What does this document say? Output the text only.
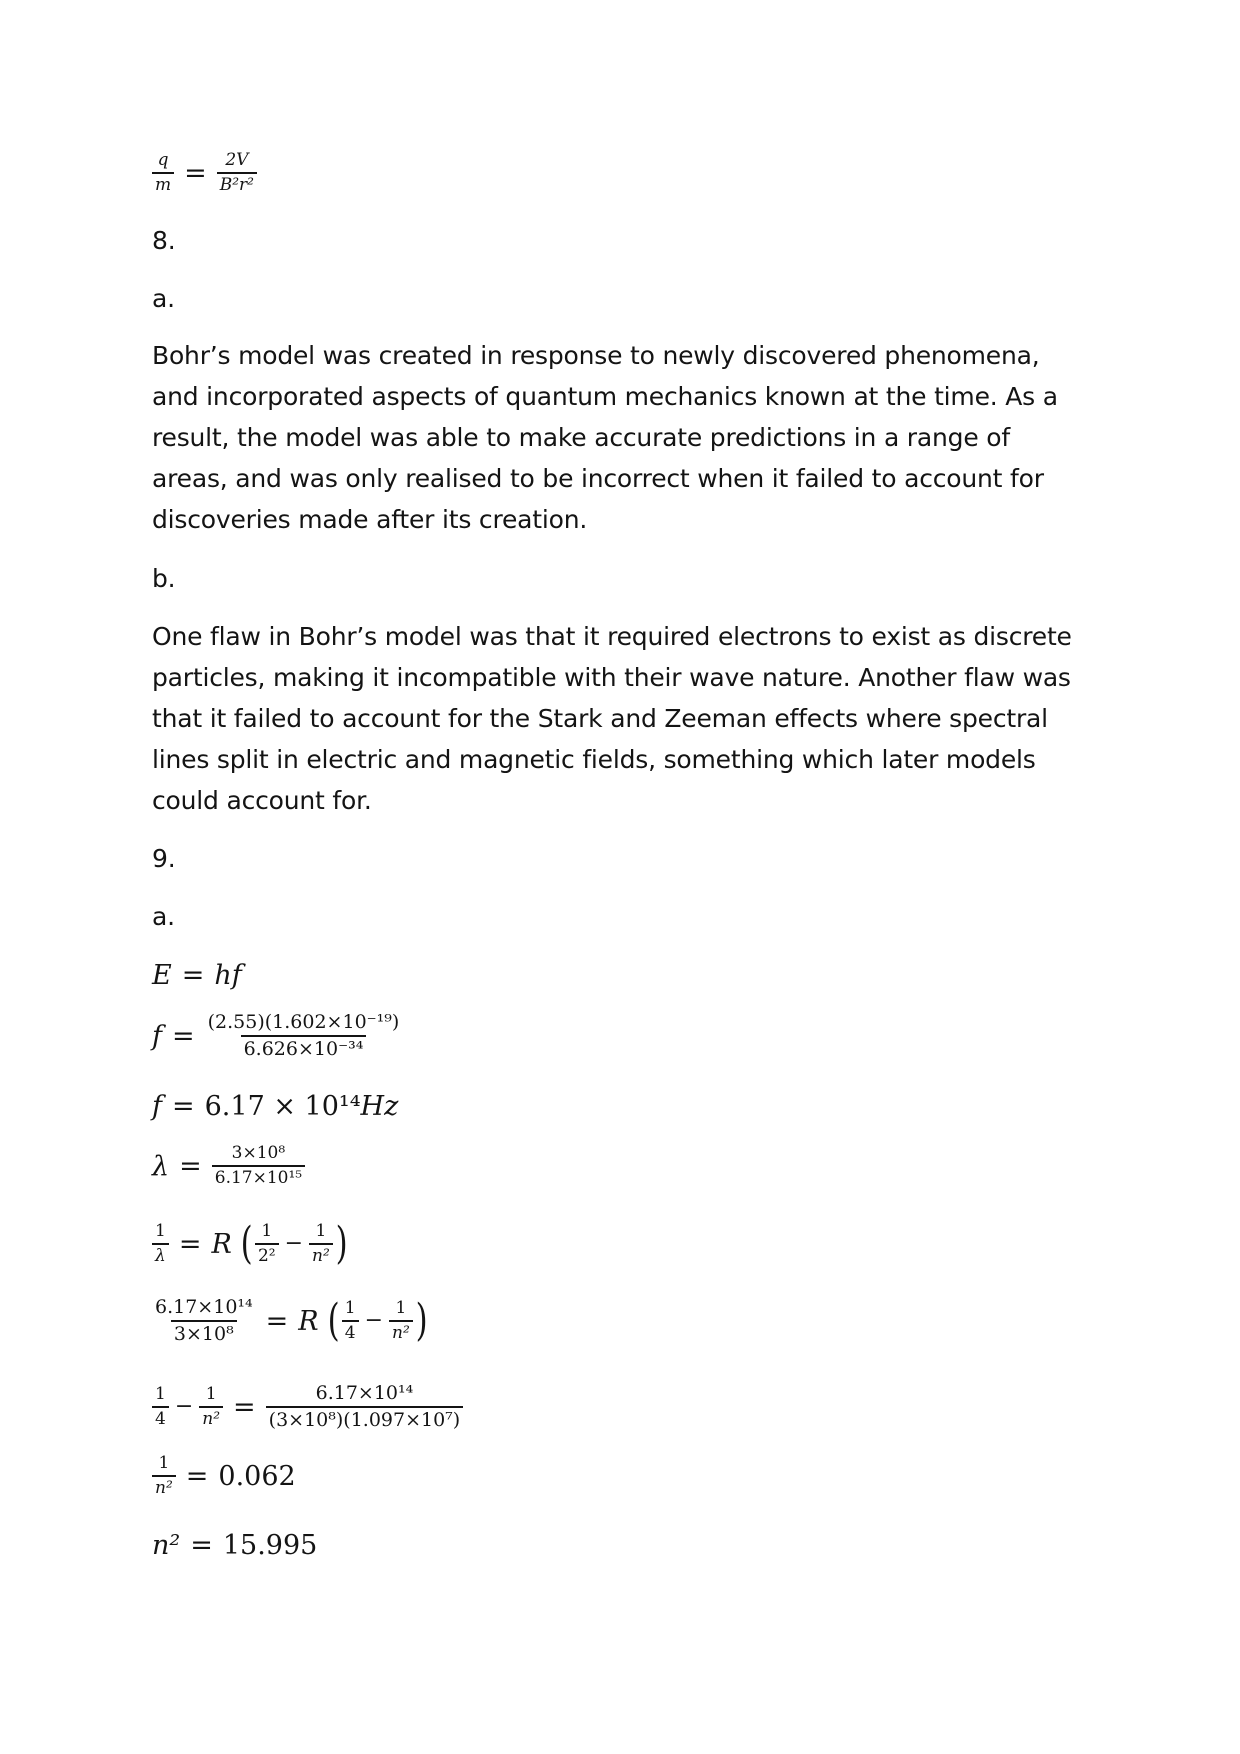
$\frac{q}{m} = \frac{2V}{\text{B²r²}}$
8.
a.
Bohr’s model was created in response to newly discovered phenomena, and incorporated aspects of quantum mechanics known at the time. As a result, the model was able to make accurate predictions in a range of areas, and was only realised to be incorrect when it failed to account for discoveries made after its creation.
b.
One flaw in Bohr’s model was that it required electrons to exist as discrete particles, making it incompatible with their wave nature. Another flaw was that it failed to account for the Stark and Zeeman effects where spectral lines split in electric and magnetic fields, something which later models could account for.
9.
a.
E = hf
$f = \frac{\text{(2.55)(1.602×10⁻¹⁹)}}{\text{6.626×10⁻³⁴}}$
f = 6.17 × 10¹⁴ Hz
$\lambda = \frac{\text{3×10⁸}}{\text{6.17×10¹⁵}}$
$\frac{1}{\lambda} = R$ ( $\frac{1}{\text{2²}} - \frac{1}{\text{n²}}$ )
$\frac{\text{6.17×10¹⁴}}{\text{3×10⁸}} = R$ ( $\frac{1}{4} - \frac{1}{\text{n²}}$ )
$\frac{1}{4} - \frac{1}{\text{n²}} = \frac{\text{6.17×10¹⁴}}{\text{(3×10⁸)(1.097×10⁷)}}$
$\frac{1}{\text{n²}} = 0.062$
n² = 15.995
